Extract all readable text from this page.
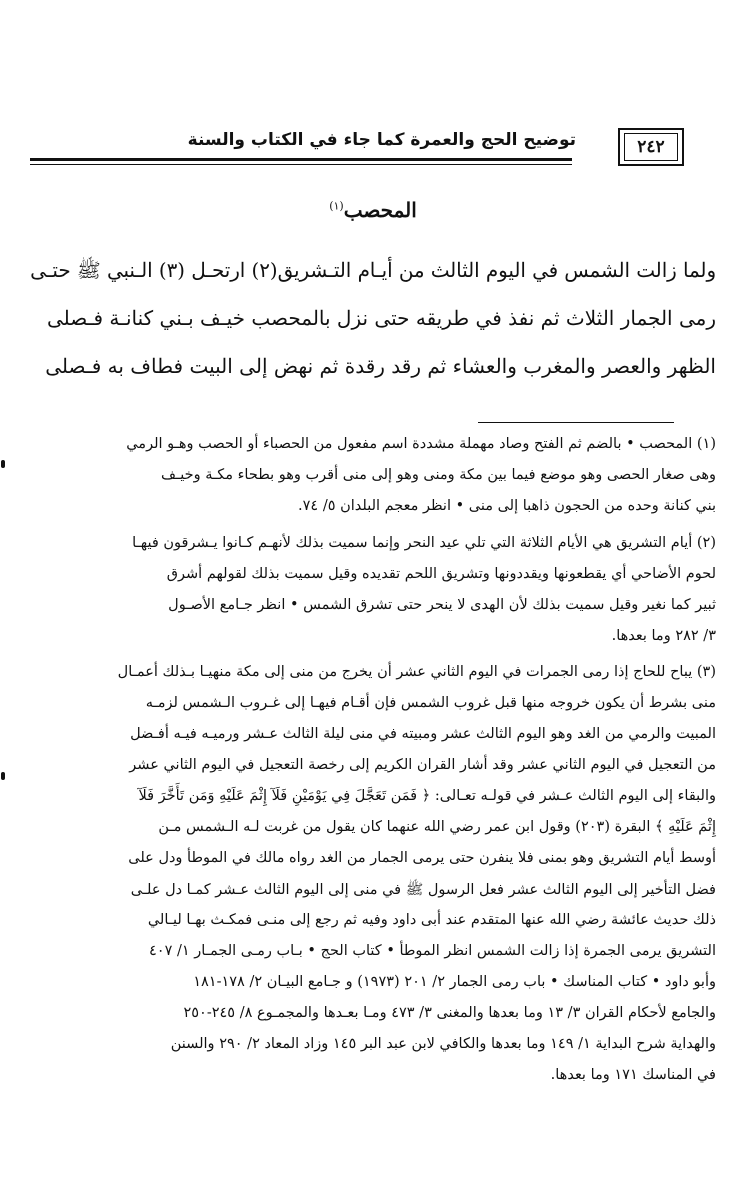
توضيح الحج والعمرة كما جاء في الكتاب والسنة	٢٤٢
المحصب$^{(١)}$
ولما زالت الشمس في اليوم الثالث من أيـام التـشريق(٢) ارتحـل (٣) الـنبي ﷺ حتـى
رمى الجمار الثلاث ثم نفذ في طريقه حتى نزل بالمحصب خيـف بـني كنانـة فـصلى
الظهر والعصر والمغرب والعشاء ثم رقد رقدة ثم نهض إلى البيت فطاف به فـصلى
(١) المحصب • بالضم ثم الفتح وصاد مهملة مشددة اسم مفعول من الحصباء أو الحصب وهـو الرمي
وهى صغار الحصى وهو موضع فيما بين مكة ومنى وهو إلى منى أقرب وهو بطحاء مكـة وخيـف
بني كنانة وحده من الحجون ذاهبا إلى منى • انظر معجم البلدان ٥/ ٧٤.
(٢) أيام التشريق هي الأيام الثلاثة التي تلي عيد النحر وإنما سميت بذلك لأنهـم كـانوا يـشرقون فيهـا
لحوم الأضاحي أي يقطعونها ويقددونها وتشريق اللحم تقديده وقيل سميت بذلك لقولهم أشرق
ثبير كما نغير وقيل سميت بذلك لأن الهدى لا ينحر حتى تشرق الشمس • انظر جـامع الأصـول
٣/ ٢٨٢ وما بعدها.
(٣) يباح للحاج إذا رمى الجمرات في اليوم الثاني عشر أن يخرج من منى إلى مكة منهيـا بـذلك أعمـال
منى بشرط أن يكون خروجه منها قبل غروب الشمس فإن أقـام فيهـا إلى غـروب الـشمس لزمـه
المبيت والرمي من الغد وهو اليوم الثالث عشر ومبيته في منى ليلة الثالث عـشر ورميـه فيـه أفـضل
من التعجيل في اليوم الثاني عشر وقد أشار القران الكريم إلى رخصة التعجيل في اليوم الثاني عشر
والبقاء إلى اليوم الثالث عـشر في قولـه تعـالى: ﴿ فَمَن تَعَجَّلَ فِي يَوْمَيْنِ فَلَآ إِثْمَ عَلَيْهِ وَمَن تَأَخَّرَ فَلَآ
إِثْمَ عَلَيْهِ ﴾ البقرة (٢٠٣) وقول ابن عمر رضي الله عنهما كان يقول من غربت لـه الـشمس مـن
أوسط أيام التشريق وهو بمنى فلا ينفرن حتى يرمى الجمار من الغد رواه مالك في الموطأ ودل على
فضل التأخير إلى اليوم الثالث عشر فعل الرسول ﷺ في منى إلى اليوم الثالث عـشر كمـا دل علـى
ذلك حديث عائشة رضي الله عنها المتقدم عند أبى داود وفيه ثم رجع إلى منـى فمكـث بهـا ليـالي
التشريق يرمى الجمرة إذا زالت الشمس انظر الموطأ • كتاب الحج • بـاب رمـى الجمـار ١/ ٤٠٧
وأبو داود • كتاب المناسك • باب رمى الجمار ٢/ ٢٠١ (١٩٧٣) و جـامع البيـان ٢/ ١٧٨-١٨١
والجامع لأحكام القران ٣/ ١٣ وما بعدها والمغنى ٣/ ٤٧٣ ومـا بعـدها والمجمـوع ٨/ ٢٤٥-٢٥٠
والهداية شرح البداية ١/ ١٤٩ وما بعدها والكافي لابن عبد البر ١٤٥ وزاد المعاد ٢/ ٢٩٠ والسنن
في المناسك ١٧١ وما بعدها.
